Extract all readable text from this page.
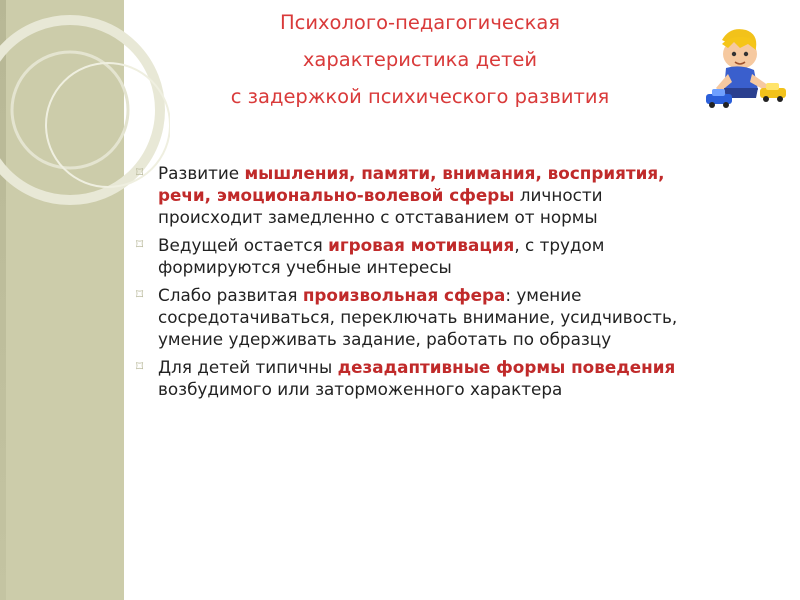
Психолого-педагогическая
характеристика детей
с задержкой психического развития
⌑ Развитие мышления, памяти, внимания, восприятия, речи, эмоционально-волевой сферы личности происходит замедленно с отставанием от нормы
⌑ Ведущей остается игровая мотивация, с трудом формируются учебные интересы
⌑ Слабо развитая произвольная сфера: умение сосредотачиваться, переключать внимание, усидчивость, умение удерживать задание, работать по образцу
⌑ Для детей типичны дезадаптивные формы поведения возбудимого или заторможенного характера
